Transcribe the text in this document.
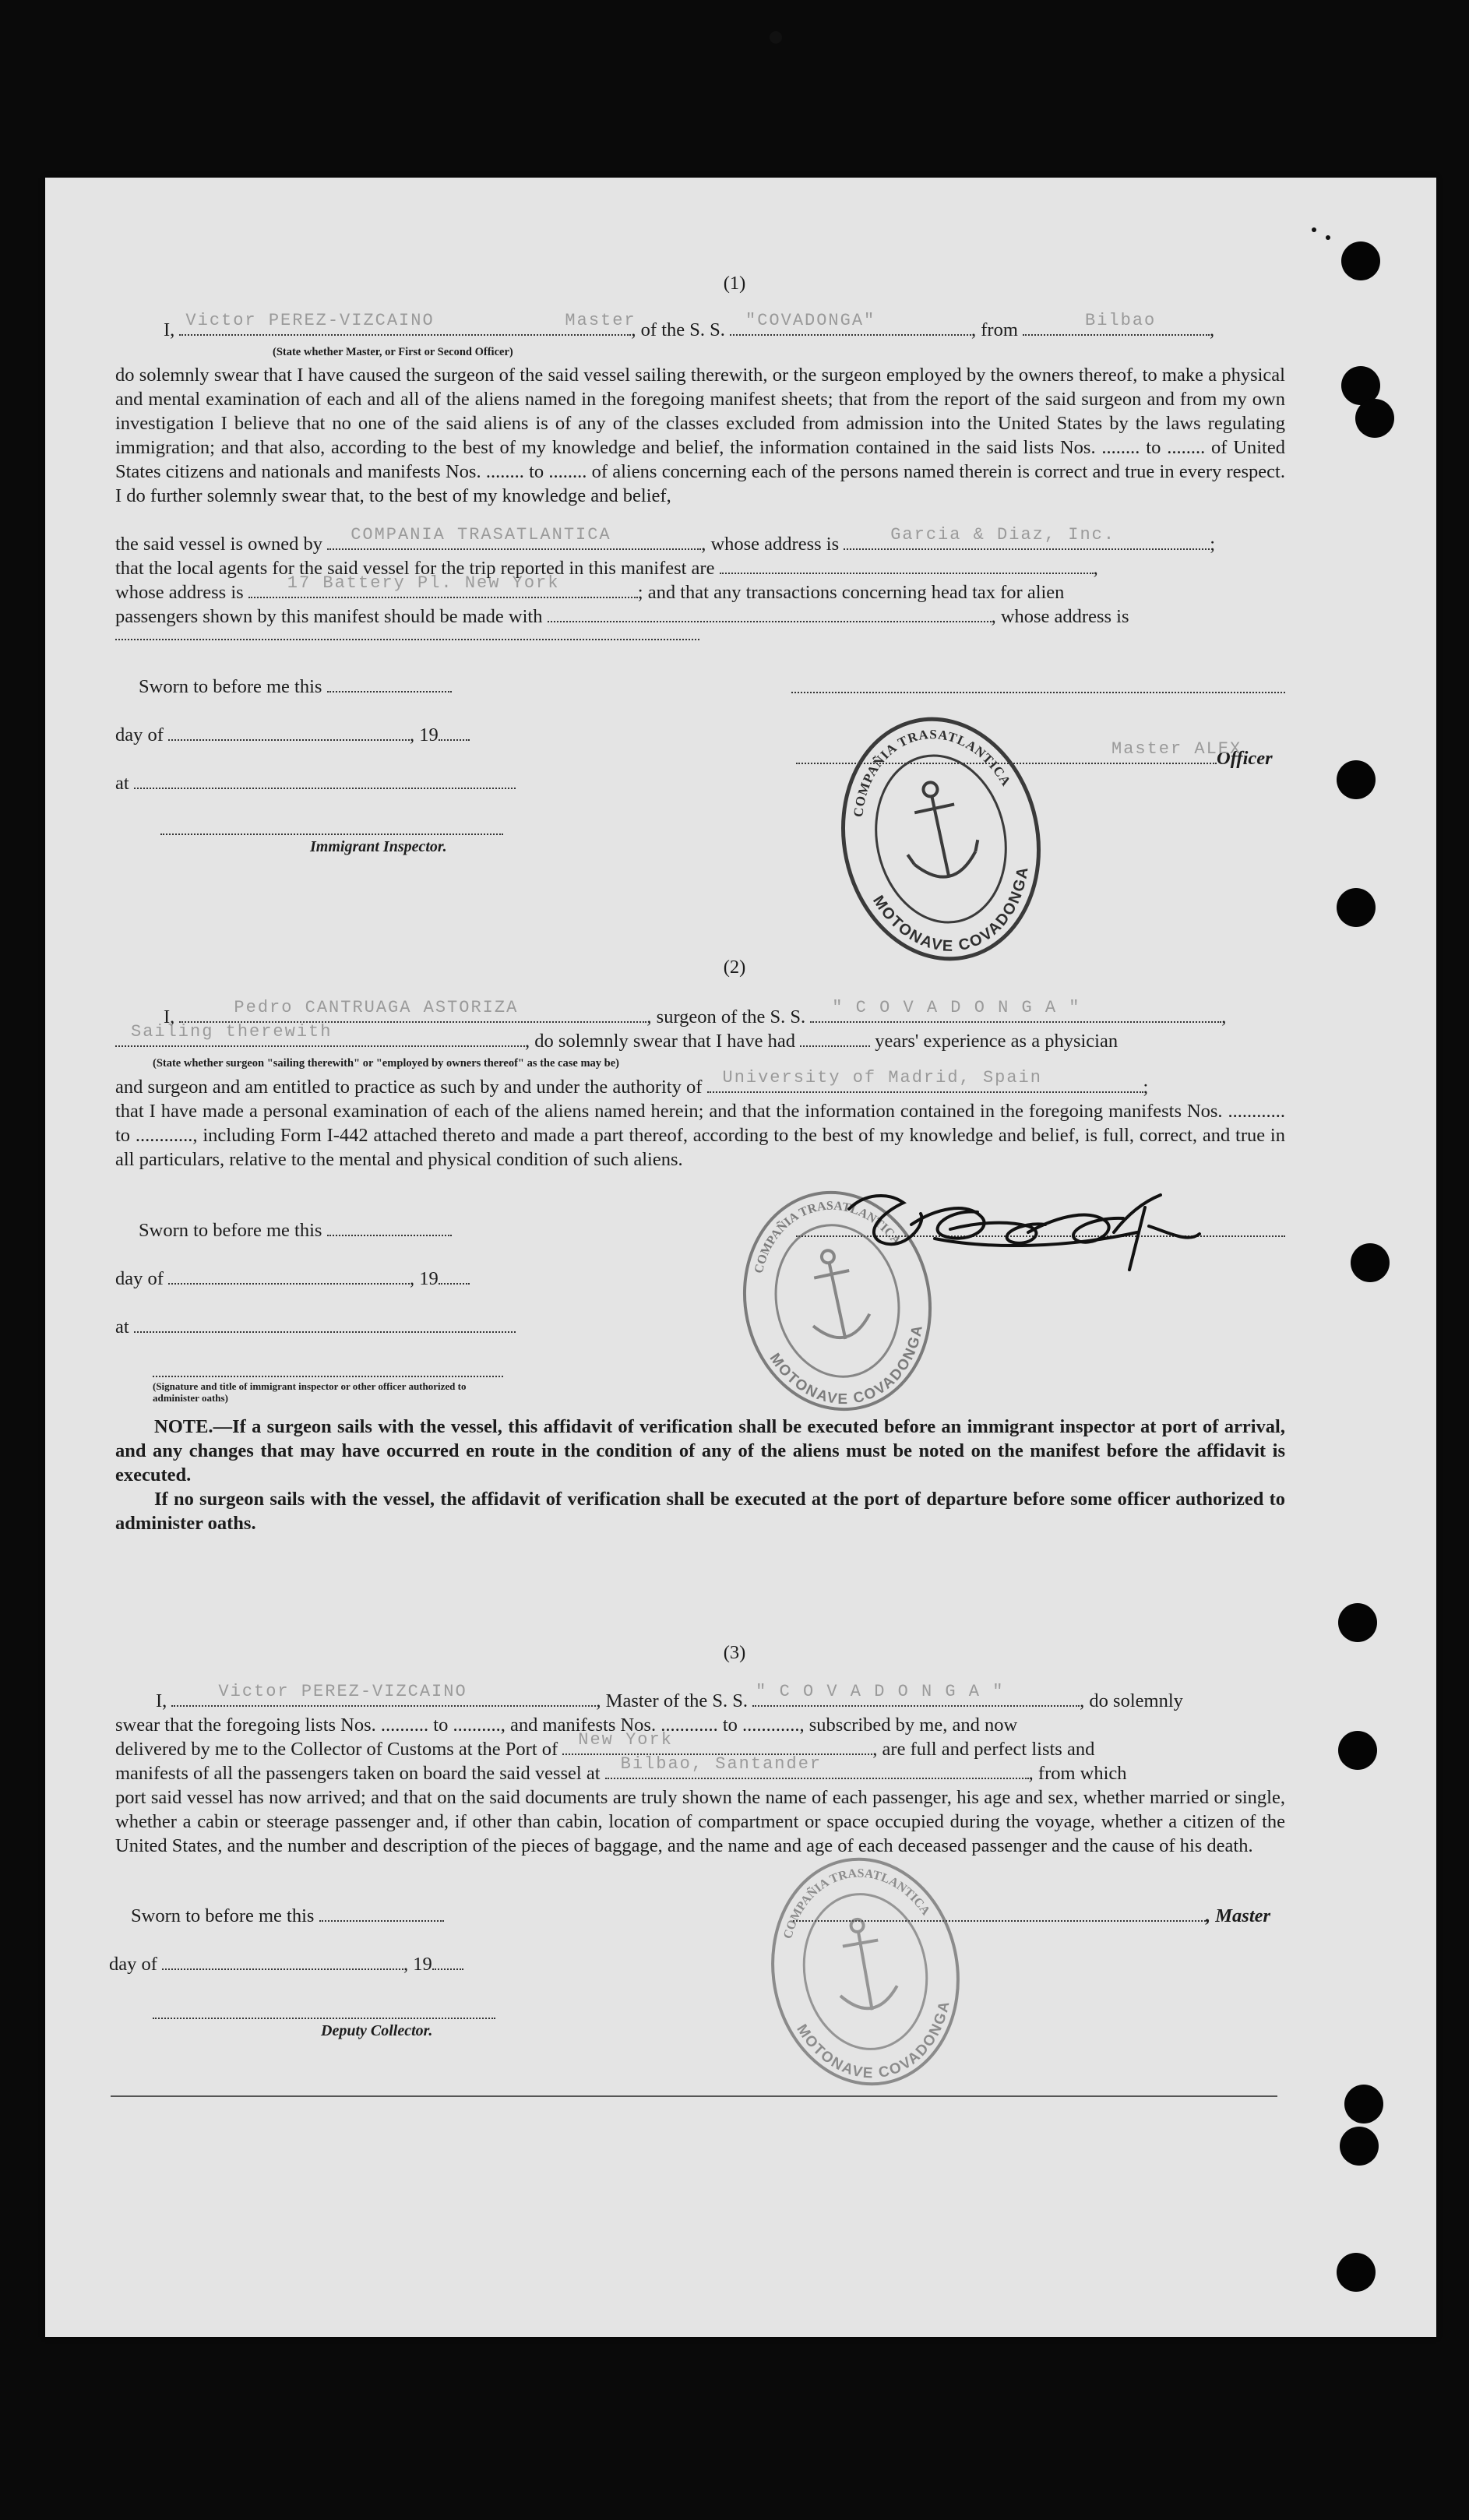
(1)
I, Victor PEREZ-VIZCAINO	Master
, of the S. S. "COVADONGA"	, from	Bilbao	,
(State whether Master, or First or Second Officer)
do solemnly swear that I have caused the surgeon of the said vessel sailing therewith, or the surgeon employed by the owners thereof, to make a physical and mental examination of each and all of the aliens named in the foregoing manifest sheets; that from the report of the said surgeon and from my own investigation I believe that no one of the said aliens is of any of the classes excluded from admission into the United States by the laws regulating immigration; and that also, according to the best of my knowledge and belief, the information contained in the said lists Nos. ........ to ........ of United States citizens and nationals and manifests Nos. ........ to ........ of aliens concerning each of the persons named therein is correct and true in every respect. I do further solemnly swear that, to the best of my knowledge and belief,
the said vessel is owned by COMPANIA TRASATLANTICA	, whose address is	Garcia & Diaz, Inc.	;
that the local agents for the said vessel for the trip reported in this manifest are	,
whose address is	17 Battery Pl. New York	; and that any transactions concerning head tax for alien
passengers shown by this manifest should be made with	, whose address is
Sworn to before me this
day of	, 19
Master ALEX
Officer
at
Immigrant Inspector.
COMPAÑIA TRASATLANTICA
MOTONAVE COVADONGA
(2)
I,	Pedro CANTRUAGA ASTORIZA	, surgeon of the S. S. " C O V A D O N G A "	,
Sailing therewith	, do solemnly swear that I have had	years' experience as a physician
(State whether surgeon "sailing therewith" or "employed by owners thereof" as the case may be)
and surgeon and am entitled to practice as such by and under the authority of University of Madrid, Spain	;
that I have made a personal examination of each of the aliens named herein; and that the information contained in the foregoing manifests Nos. ............ to ............, including Form I-442 attached thereto and made a part thereof, according to the best of my knowledge and belief, is full, correct, and true in all particulars, relative to the mental and physical condition of such aliens.
Sworn to before me this
day of	, 19
at
(Signature and title of immigrant inspector or other officer authorized to administer oaths)
COMPAÑIA TRASATLANTICA
MOTONAVE COVADONGA
NOTE.—If a surgeon sails with the vessel, this affidavit of verification shall be executed before an immigrant inspector at port of arrival, and any changes that may have occurred en route in the condition of any of the aliens must be noted on the manifest before the affidavit is executed.
If no surgeon sails with the vessel, the affidavit of verification shall be executed at the port of departure before some officer authorized to administer oaths.
(3)
I,	Victor PEREZ-VIZCAINO	, Master of the S. S. " C O V A D O N G A "	, do solemnly
swear that the foregoing lists Nos. .......... to .........., and manifests Nos. ............ to ............, subscribed by me, and now
delivered by me to the Collector of Customs at the Port of New York	, are full and perfect lists and
manifests of all the passengers taken on board the said vessel at Bilbao, Santander	, from which
port said vessel has now arrived; and that on the said documents are truly shown the name of each passenger, his age and sex, whether married or single, whether a cabin or steerage passenger and, if other than cabin, location of compartment or space occupied during the voyage, whether a citizen of the United States, and the number and description of the pieces of baggage, and the name and age of each deceased passenger and the cause of his death.
Sworn to before me this	, Master
day of	, 19
Deputy Collector.
COMPAÑIA TRASATLANTICA
MOTONAVE COVADONGA
